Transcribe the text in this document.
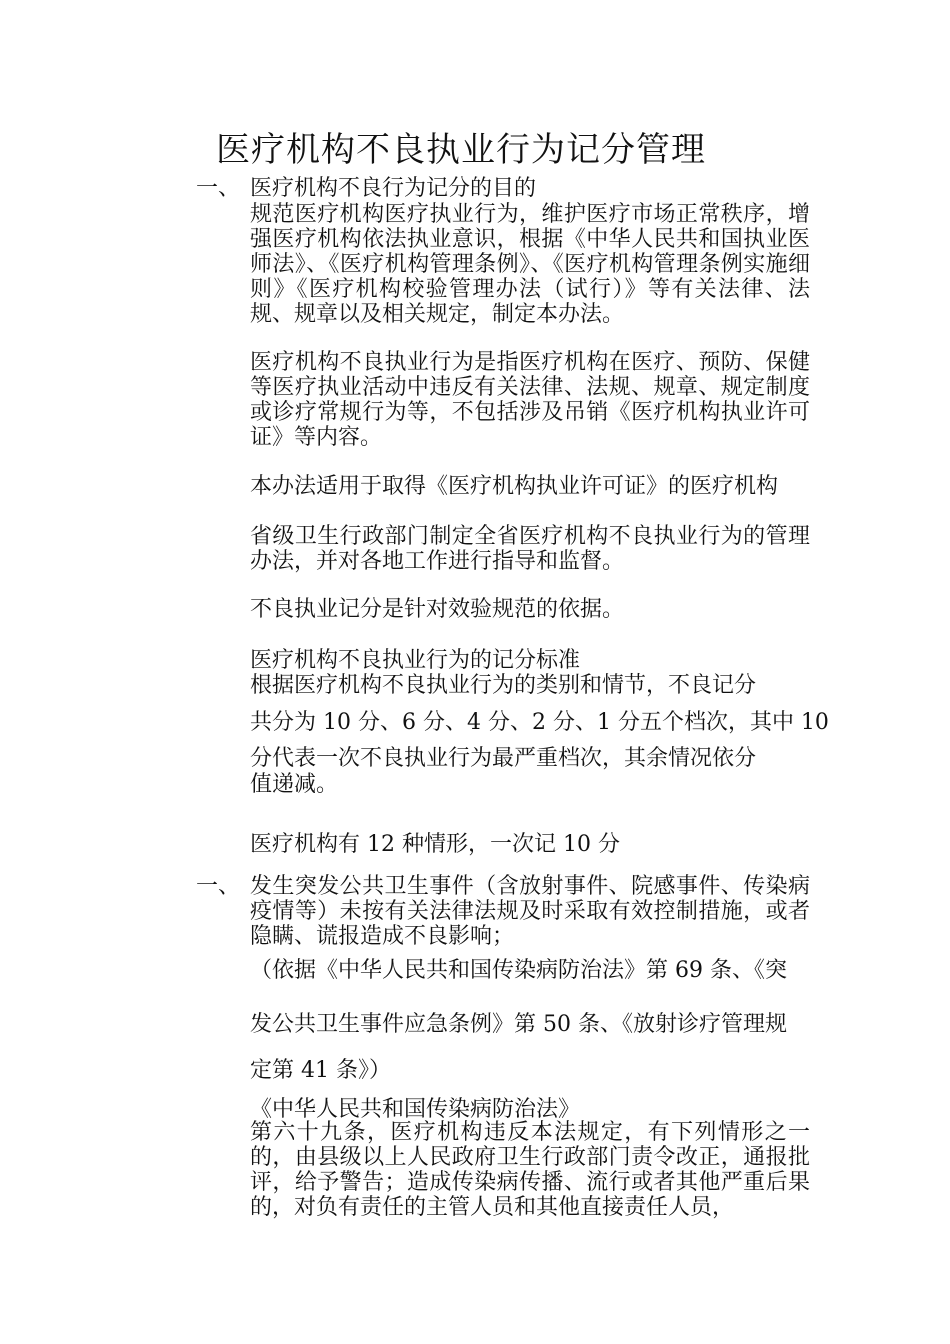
医疗机构不良执业行为记分管理
一、 医疗机构不良行为记分的目的

规范医疗机构医疗执业行为，维护医疗市场正常秩序，增强医疗机构依法执业意识，根据《中华人民共和国执业医师法》、《医疗机构管理条例》、《医疗机构管理条例实施细则》《医疗机构校验管理办法（试行）》等有关法律、法规、规章以及相关规定，制定本办法。

医疗机构不良执业行为是指医疗机构在医疗、预防、保健等医疗执业活动中违反有关法律、法规、规章、规定制度或诊疗常规行为等，不包括涉及吊销《医疗机构执业许可证》等内容。

本办法适用于取得《医疗机构执业许可证》的医疗机构

省级卫生行政部门制定全省医疗机构不良执业行为的管理办法，并对各地工作进行指导和监督。

不良执业记分是针对效验规范的依据。
医疗机构不良执业行为的记分标准
根据医疗机构不良执业行为的类别和情节，不良记分
共分为 10 分、6 分、4 分、2 分、1 分五个档次，其中 10
分代表一次不良执业行为最严重档次，其余情况依分
值递减。
医疗机构有 12 种情形，一次记 10 分
一、 发生突发公共卫生事件（含放射事件、院感事件、传染病疫情等）未按有关法律法规及时采取有效控制措施，或者隐瞒、谎报造成不良影响；

（依据《中华人民共和国传染病防治法》第 69 条、《突
发公共卫生事件应急条例》第 50 条、《放射诊疗管理规
定第 41 条》）
《中华人民共和国传染病防治法》

第六十九条，医疗机构违反本法规定，有下列情形之一的，由县级以上人民政府卫生行政部门责令改正，通报批评，给予警告；造成传染病传播、流行或者其他严重后果的，对负有责任的主管人员和其他直接责任人员，
